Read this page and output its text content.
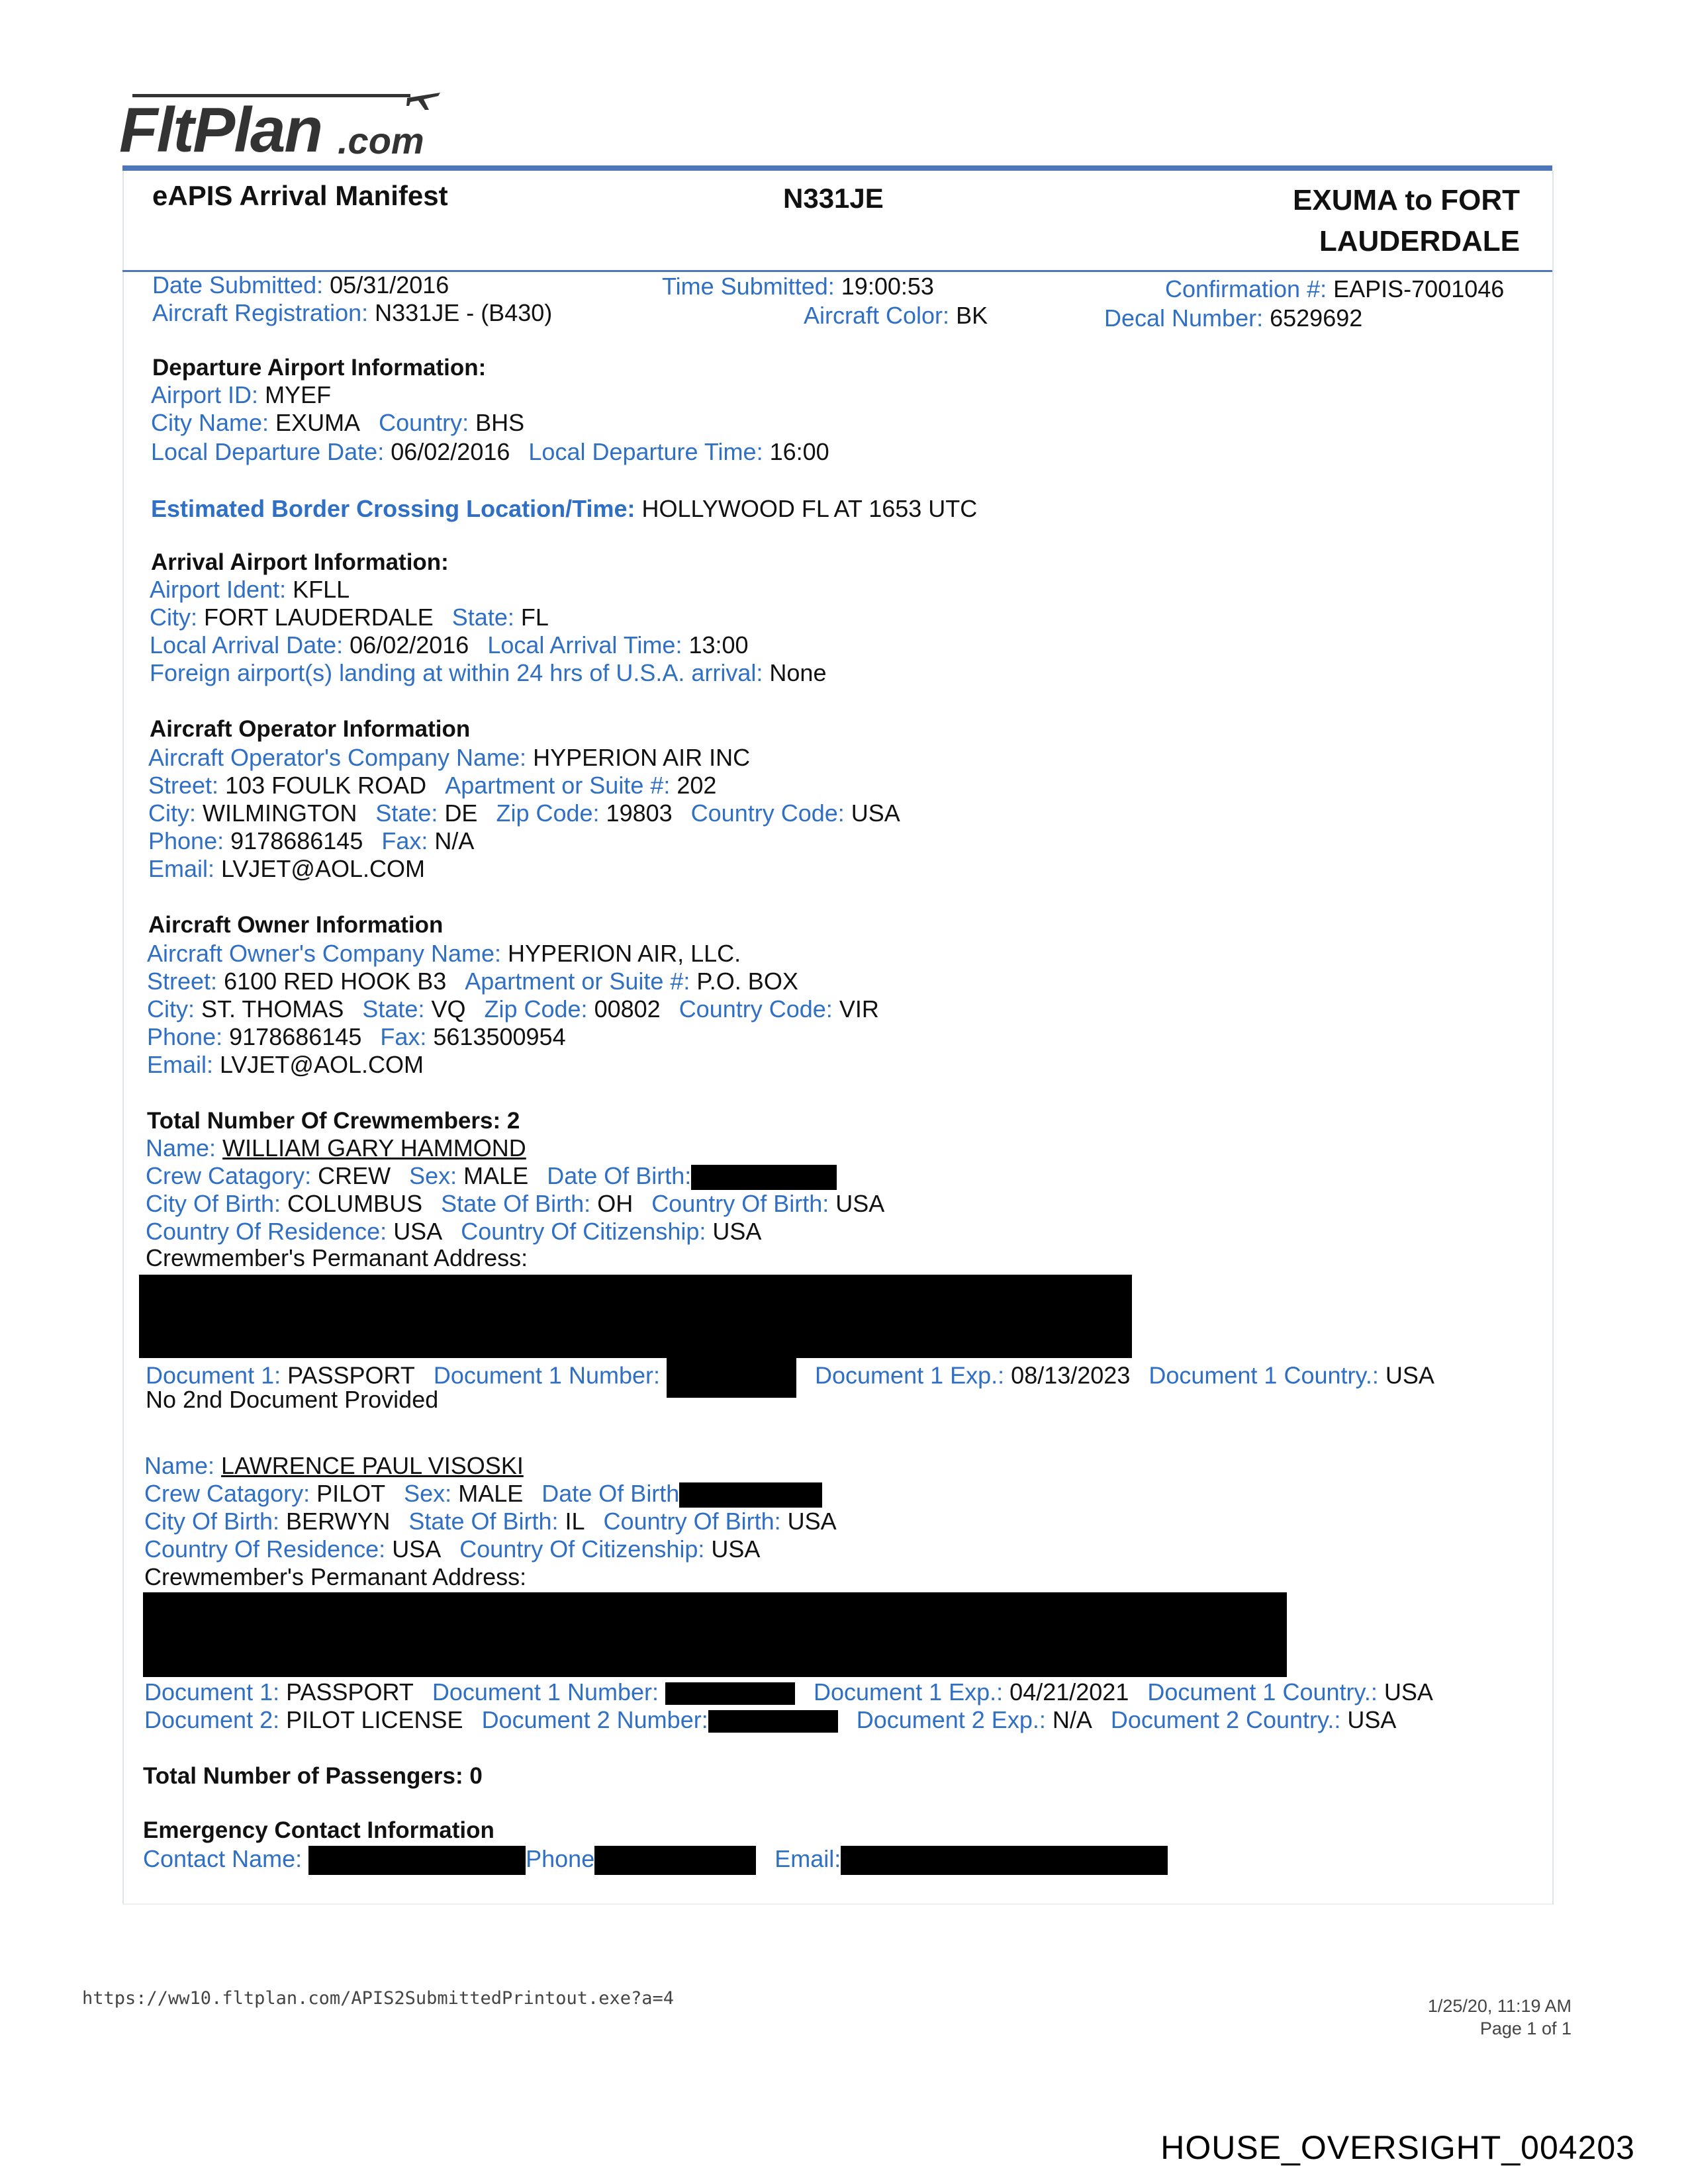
FltPlan .com
eAPIS Arrival Manifest	N331JE	EXUMA to FORT
LAUDERDALE
Date Submitted: 05/31/2016	Time Submitted: 19:00:53	Confirmation #: EAPIS-7001046
Aircraft Registration: N331JE - (B430)	Aircraft Color: BK	Decal Number: 6529692
Departure Airport Information:
Airport ID: MYEF
City Name: EXUMA Country: BHS
Local Departure Date: 06/02/2016 Local Departure Time: 16:00
Estimated Border Crossing Location/Time: HOLLYWOOD FL AT 1653 UTC
Arrival Airport Information:
Airport Ident: KFLL
City: FORT LAUDERDALE State: FL
Local Arrival Date: 06/02/2016 Local Arrival Time: 13:00
Foreign airport(s) landing at within 24 hrs of U.S.A. arrival: None
Aircraft Operator Information
Aircraft Operator's Company Name: HYPERION AIR INC
Street: 103 FOULK ROAD Apartment or Suite #: 202
City: WILMINGTON State: DE Zip Code: 19803 Country Code: USA
Phone: 9178686145 Fax: N/A
Email: LVJET@AOL.COM
Aircraft Owner Information
Aircraft Owner's Company Name: HYPERION AIR, LLC.
Street: 6100 RED HOOK B3 Apartment or Suite #: P.O. BOX
City: ST. THOMAS State: VQ Zip Code: 00802 Country Code: VIR
Phone: 9178686145 Fax: 5613500954
Email: LVJET@AOL.COM
Total Number Of Crewmembers: 2
Name: WILLIAM GARY HAMMOND
Crew Catagory: CREW Sex: MALE Date Of Birth:
City Of Birth: COLUMBUS State Of Birth: OH Country Of Birth: USA
Country Of Residence: USA Country Of Citizenship: USA
Crewmember's Permanant Address:
Document 1: PASSPORT Document 1 Number:	Document 1 Exp.: 08/13/2023 Document 1 Country.: USA
No 2nd Document Provided
Name: LAWRENCE PAUL VISOSKI
Crew Catagory: PILOT Sex: MALE Date Of Birth
City Of Birth: BERWYN State Of Birth: IL Country Of Birth: USA
Country Of Residence: USA Country Of Citizenship: USA
Crewmember's Permanant Address:
Document 1: PASSPORT Document 1 Number:	Document 1 Exp.: 04/21/2021 Document 1 Country.: USA
Document 2: PILOT LICENSE Document 2 Number:	Document 2 Exp.: N/A Document 2 Country.: USA
Total Number of Passengers: 0
Emergency Contact Information
Contact Name:	Phone	Email:
https://ww10.fltplan.com/APIS2SubmittedPrintout.exe?a=4	1/25/20, 11:19 AM
Page 1 of 1
HOUSE_OVERSIGHT_004203
